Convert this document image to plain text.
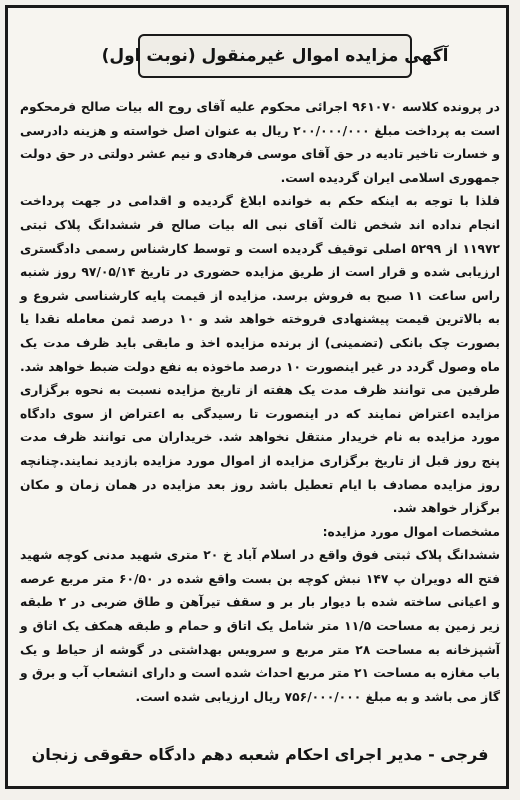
آگهی مزایده اموال غیرمنقول (نوبت اول)

در پرونده کلاسه ۹۶۱۰۷۰ اجرائی محکوم علیه آقای روح اله بیات صالح فرمحکوم است به پرداخت مبلغ ۲۰۰/۰۰۰/۰۰۰ ریال به عنوان اصل خواسته و هزینه دادرسی و خسارت تاخیر تادیه در حق آقای موسی فرهادی و نیم عشر دولتی در حق دولت جمهوری اسلامی ایران گردیده است.

فلذا با توجه به اینکه حکم به خوانده ابلاغ گردیده و اقدامی در جهت پرداخت انجام نداده اند شخص ثالث آقای نبی اله بیات صالح فر ششدانگ پلاک ثبتی ۱۱۹۷۲ از ۵۲۹۹ اصلی توقیف گردیده است و توسط کارشناس رسمی دادگستری ارزیابی شده و قرار است از طریق مزایده حضوری در تاریخ ۹۷/۰۵/۱۴ روز شنبه راس ساعت ۱۱ صبح به فروش برسد. مزایده از قیمت پایه کارشناسی شروع و به بالاترین قیمت پیشنهادی فروخته خواهد شد و ۱۰ درصد ثمن معامله نقدا یا بصورت چک بانکی (تضمینی) از برنده مزایده اخذ و مابقی باید ظرف مدت یک ماه وصول گردد در غیر اینصورت ۱۰ درصد ماخوذه به نفع دولت ضبط خواهد شد. طرفین می توانند ظرف مدت یک هفته از تاریخ مزایده نسبت به نحوه برگزاری مزایده اعتراض نمایند که در اینصورت تا رسیدگی به اعتراض از سوی دادگاه مورد مزایده به نام خریدار منتقل نخواهد شد. خریداران می توانند ظرف مدت پنج روز قبل از تاریخ برگزاری مزایده از اموال مورد مزایده بازدید نمایند.چنانچه روز مزایده مصادف با ایام تعطیل باشد روز بعد مزایده در همان زمان و مکان برگزار خواهد شد.

مشخصات اموال مورد مزایده:

ششدانگ پلاک ثبتی فوق واقع در اسلام آباد خ ۲۰ متری شهید مدنی کوچه شهید فتح اله دویران پ ۱۴۷ نبش کوچه بن بست واقع شده در ۶۰/۵۰ متر مربع عرصه و اعیانی ساخته شده با دیوار بار بر و سقف تیرآهن و طاق ضربی در ۲ طبقه زیر زمین به مساحت ۱۱/۵ متر شامل یک اتاق و حمام و طبقه همکف یک اتاق و آشپزخانه به مساحت ۲۸ متر مربع و سرویس بهداشتی در گوشه از حیاط و یک باب مغازه به مساحت ۲۱ متر مربع احداث شده است و دارای انشعاب آب و برق و گاز می باشد و به مبلغ ۷۵۶/۰۰۰/۰۰۰ ریال ارزیابی شده است.

فرجی - مدیر اجرای احکام شعبه دهم دادگاه حقوقی زنجان
